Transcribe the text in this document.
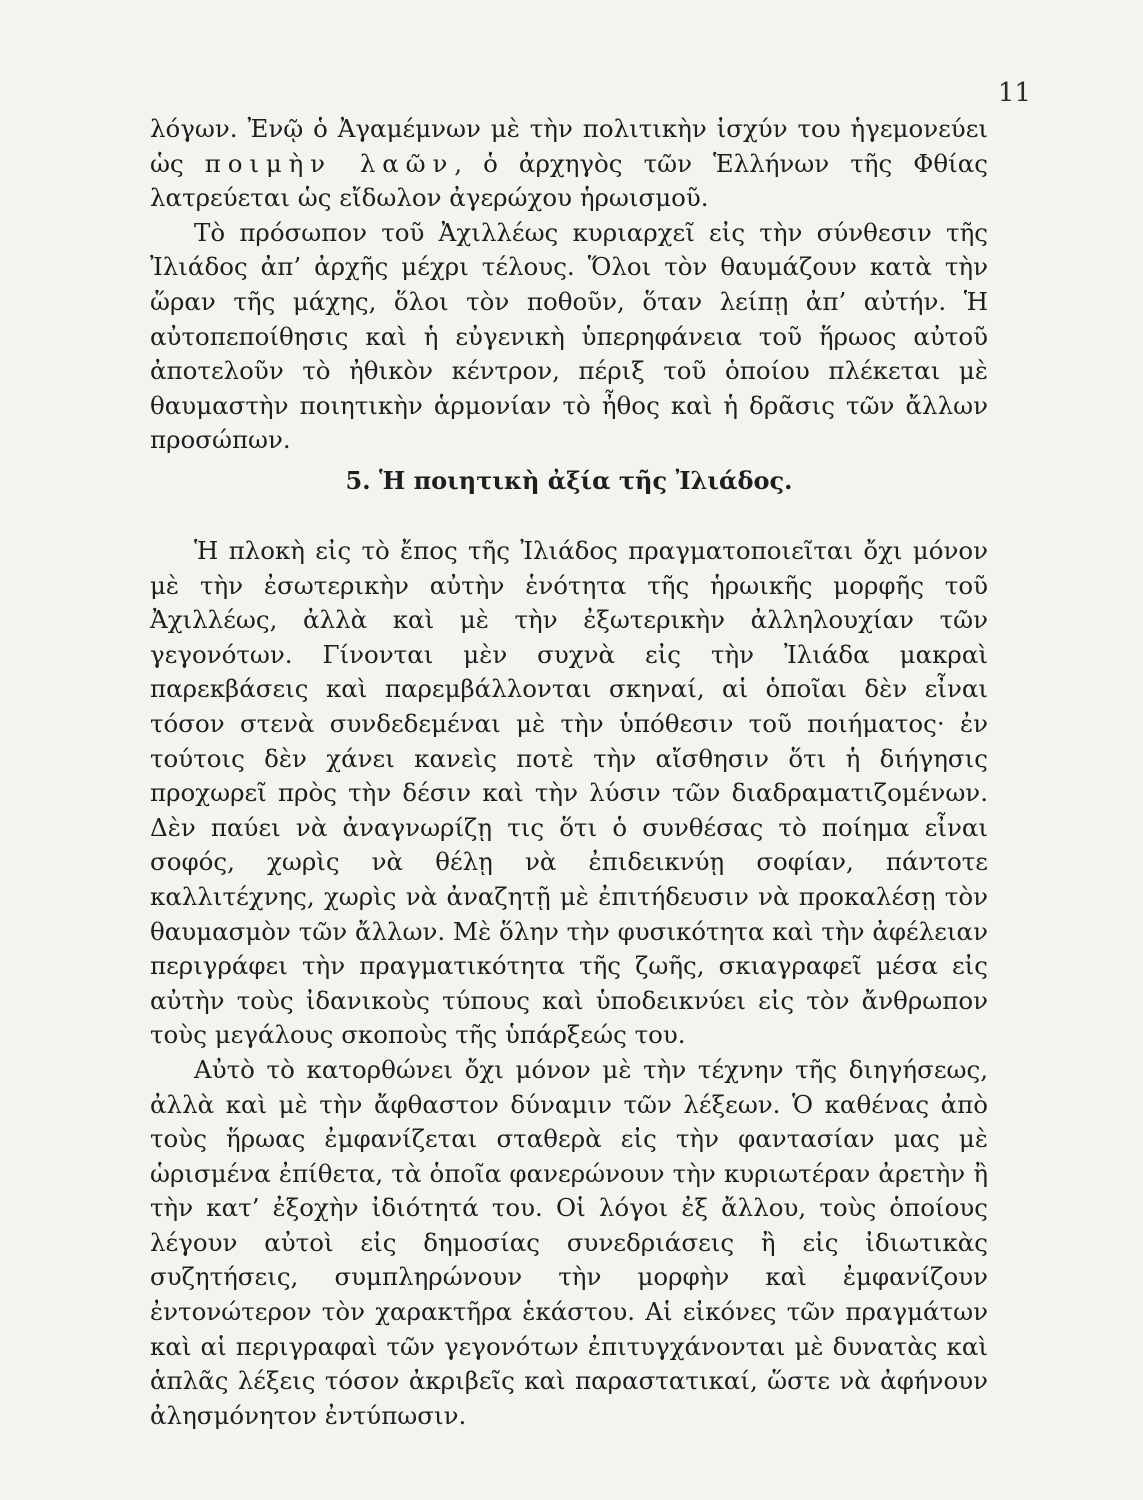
11

λόγων. Ἐνῷ ὁ Ἀγαμέμνων μὲ τὴν πολιτικὴν ἰσχύν του ἡγεμονεύει ὡς ποιμὴν λαῶν, ὁ ἀρχηγὸς τῶν Ἑλλήνων τῆς Φθίας λατρεύεται ὡς εἴδωλον ἀγερώχου ἡρωισμοῦ.

Τὸ πρόσωπον τοῦ Ἀχιλλέως κυριαρχεῖ εἰς τὴν σύνθεσιν τῆς Ἰλιάδος ἀπ’ ἀρχῆς μέχρι τέλους. Ὅλοι τὸν θαυμάζουν κατὰ τὴν ὥραν τῆς μάχης, ὅλοι τὸν ποθοῦν, ὅταν λείπῃ ἀπ’ αὐτήν. Ἡ αὐτοπεποίθησις καὶ ἡ εὐγενικὴ ὑπερηφάνεια τοῦ ἥρωος αὐτοῦ ἀποτελοῦν τὸ ἠθικὸν κέντρον, πέριξ τοῦ ὁποίου πλέκεται μὲ θαυμαστὴν ποιητικὴν ἁρμονίαν τὸ ἦθος καὶ ἡ δρᾶσις τῶν ἄλλων προσώπων.

5. Ἡ ποιητικὴ ἀξία τῆς Ἰλιάδος.

Ἡ πλοκὴ εἰς τὸ ἔπος τῆς Ἰλιάδος πραγματοποιεῖται ὄχι μόνον μὲ τὴν ἐσωτερικὴν αὐτὴν ἑνότητα τῆς ἡρωικῆς μορφῆς τοῦ Ἀχιλλέως, ἀλλὰ καὶ μὲ τὴν ἐξωτερικὴν ἀλληλουχίαν τῶν γεγονότων. Γίνονται μὲν συχνὰ εἰς τὴν Ἰλιάδα μακραὶ παρεκβάσεις καὶ παρεμβάλλονται σκηναί, αἱ ὁποῖαι δὲν εἶναι τόσον στενὰ συνδεδεμέναι μὲ τὴν ὑπόθεσιν τοῦ ποιήματος· ἐν τούτοις δὲν χάνει κανεὶς ποτὲ τὴν αἴσθησιν ὅτι ἡ διήγησις προχωρεῖ πρὸς τὴν δέσιν καὶ τὴν λύσιν τῶν διαδραματιζομένων. Δὲν παύει νὰ ἀναγνωρίζῃ τις ὅτι ὁ συνθέσας τὸ ποίημα εἶναι σοφός, χωρὶς νὰ θέλῃ νὰ ἐπιδεικνύῃ σοφίαν, πάντοτε καλλιτέχνης, χωρὶς νὰ ἀναζητῇ μὲ ἐπιτήδευσιν νὰ προκαλέσῃ τὸν θαυμασμὸν τῶν ἄλλων. Μὲ ὅλην τὴν φυσικότητα καὶ τὴν ἀφέλειαν περιγράφει τὴν πραγματικότητα τῆς ζωῆς, σκιαγραφεῖ μέσα εἰς αὐτὴν τοὺς ἰδανικοὺς τύπους καὶ ὑποδεικνύει εἰς τὸν ἄνθρωπον τοὺς μεγάλους σκοποὺς τῆς ὑπάρξεώς του.

Αὐτὸ τὸ κατορθώνει ὄχι μόνον μὲ τὴν τέχνην τῆς διηγήσεως, ἀλλὰ καὶ μὲ τὴν ἄφθαστον δύναμιν τῶν λέξεων. Ὁ καθένας ἀπὸ τοὺς ἥρωας ἐμφανίζεται σταθερὰ εἰς τὴν φαντασίαν μας μὲ ὡρισμένα ἐπίθετα, τὰ ὁποῖα φανερώνουν τὴν κυριωτέραν ἀρετὴν ἢ τὴν κατ’ ἐξοχὴν ἰδιότητά του. Οἱ λόγοι ἐξ ἄλλου, τοὺς ὁποίους λέγουν αὐτοὶ εἰς δημοσίας συνεδριάσεις ἢ εἰς ἰδιωτικὰς συζητήσεις, συμπληρώνουν τὴν μορφὴν καὶ ἐμφανίζουν ἐντονώτερον τὸν χαρακτῆρα ἑκάστου. Αἱ εἰκόνες τῶν πραγμάτων καὶ αἱ περιγραφαὶ τῶν γεγονότων ἐπιτυγχάνονται μὲ δυνατὰς καὶ ἁπλᾶς λέξεις τόσον ἀκριβεῖς καὶ παραστατικαί, ὥστε νὰ ἀφήνουν ἀλησμόνητον ἐντύπωσιν.
